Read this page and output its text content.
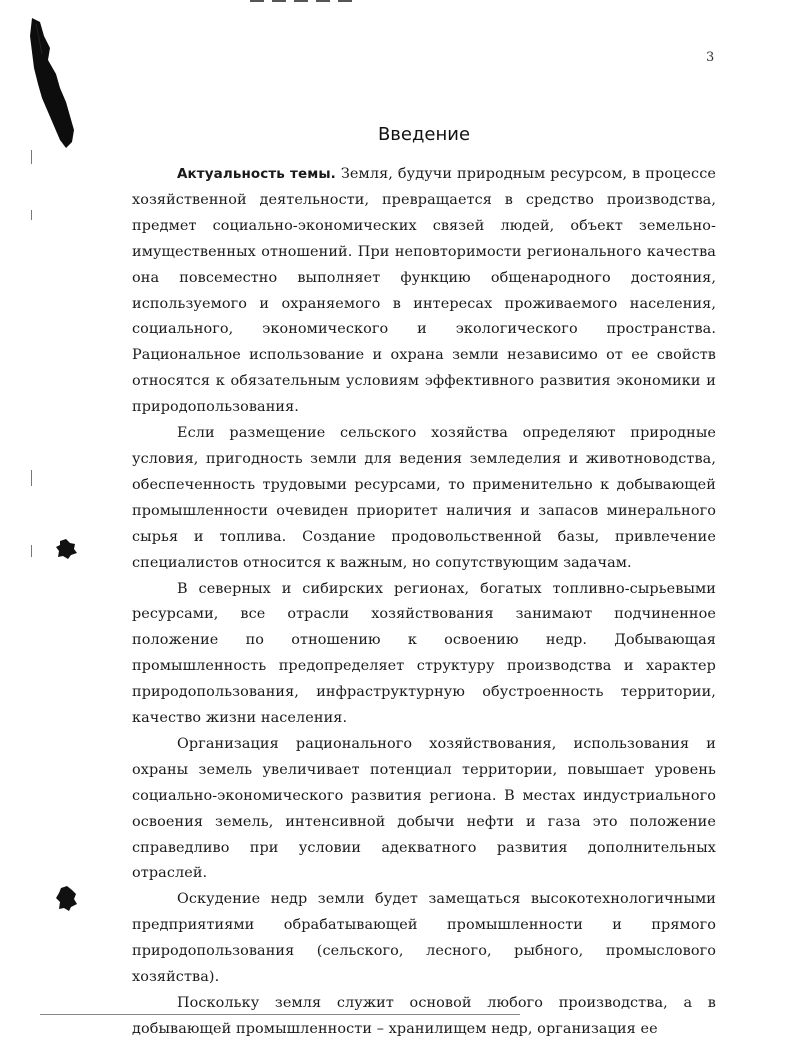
3
Введение

Актуальность темы. Земля, будучи природным ресурсом, в процессе хозяйственной деятельности, превращается в средство производства, предмет социально-экономических связей людей, объект земельно-имущественных отношений. При неповторимости регионального качества она повсеместно выполняет функцию общенародного достояния, используемого и охраняемого в интересах проживаемого населения, социального, экономического и экологического пространства. Рациональное использование и охрана земли независимо от ее свойств относятся к обязательным условиям эффективного развития экономики и природопользования.

Если размещение сельского хозяйства определяют природные условия, пригодность земли для ведения земледелия и животноводства, обеспеченность трудовыми ресурсами, то применительно к добывающей промышленности очевиден приоритет наличия и запасов минерального сырья и топлива. Создание продовольственной базы, привлечение специалистов относится к важным, но сопутствующим задачам.

В северных и сибирских регионах, богатых топливно-сырьевыми ресурсами, все отрасли хозяйствования занимают подчиненное положение по отношению к освоению недр. Добывающая промышленность предопределяет структуру производства и характер природопользования, инфраструктурную обустроенность территории, качество жизни населения.

Организация рационального хозяйствования, использования и охраны земель увеличивает потенциал территории, повышает уровень социально-экономического развития региона. В местах индустриального освоения земель, интенсивной добычи нефти и газа это положение справедливо при условии адекватного развития дополнительных отраслей.

Оскудение недр земли будет замещаться высокотехнологичными предприятиями обрабатывающей промышленности и прямого природопользования (сельского, лесного, рыбного, промыслового хозяйства).

Поскольку земля служит основой любого производства, а в добывающей промышленности – хранилищем недр, организация ее
